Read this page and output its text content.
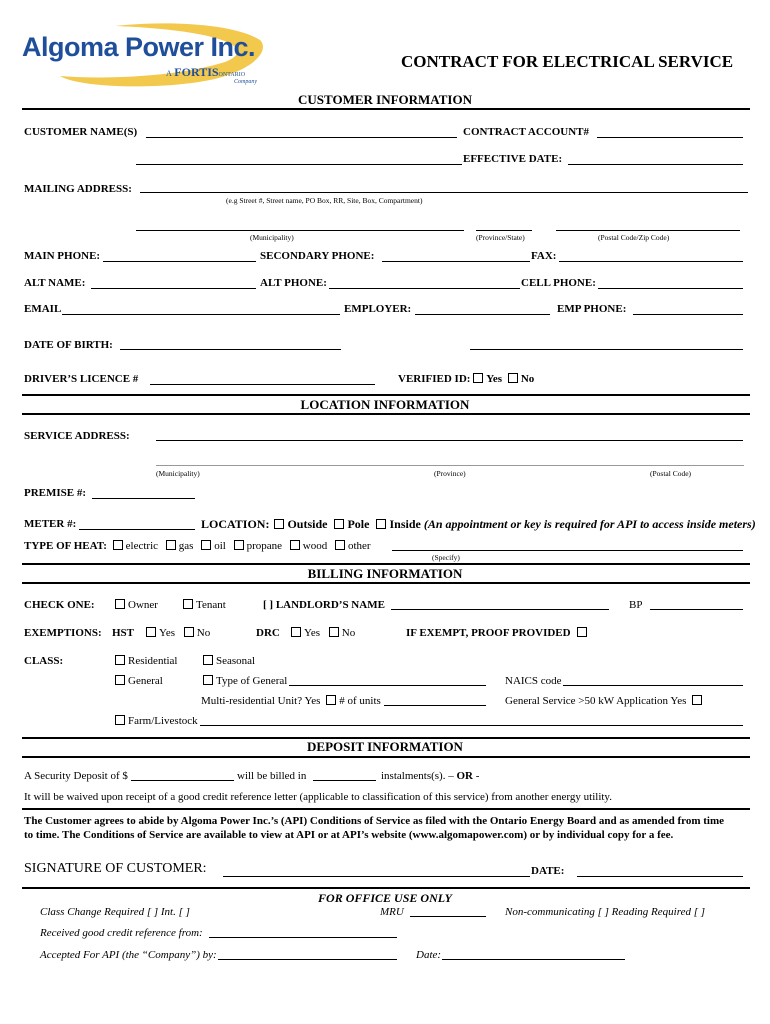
Algoma Power Inc.
A FORTISONTARIO
Company
CONTRACT FOR ELECTRICAL SERVICE
CUSTOMER INFORMATION
CUSTOMER NAME(S)	CONTRACT ACCOUNT#
EFFECTIVE DATE:
MAILING ADDRESS:
(e.g Street #, Street name, PO Box, RR, Site, Box, Compartment)
(Municipality)	(Province/State)	(Postal Code/Zip Code)
MAIN PHONE:	SECONDARY PHONE:	FAX:
ALT NAME:	ALT PHONE:	CELL PHONE:
EMAIL	EMPLOYER:	EMP PHONE:
DATE OF BIRTH:
DRIVER’S LICENCE #	VERIFIED ID: Yes No
LOCATION INFORMATION
SERVICE ADDRESS:
(Municipality)	(Province)	(Postal Code)
PREMISE #:
METER #:	LOCATION: Outside Pole Inside (An appointment or key is required for API to access inside meters)
TYPE OF HEAT: electric gas oil propane wood other
(Specify)
BILLING INFORMATION
CHECK ONE:	Owner	Tenant	[ ] LANDLORD’S NAME	BP
EXEMPTIONS: HST	Yes No	DRC	Yes No	IF EXEMPT, PROOF PROVIDED
CLASS:	Residential	Seasonal
General	Type of General	NAICS code
Multi-residential Unit? Yes # of units	General Service >50 kW Application Yes
Farm/Livestock
DEPOSIT INFORMATION
A Security Deposit of $	will be billed in	instalments(s). – OR -
It will be waived upon receipt of a good credit reference letter (applicable to classification of this service) from another energy utility.
The Customer agrees to abide by Algoma Power Inc.’s (API) Conditions of Service as filed with the Ontario Energy Board and as amended from time
to time. The Conditions of Service are available to view at API or at API’s website (www.algomapower.com) or by individual copy for a fee.
SIGNATURE OF CUSTOMER:	DATE:
FOR OFFICE USE ONLY
Class Change Required [ ] Int. [ ]	MRU	Non-communicating [ ] Reading Required [ ]
Received good credit reference from:
Accepted For API (the “Company”) by:	Date:
